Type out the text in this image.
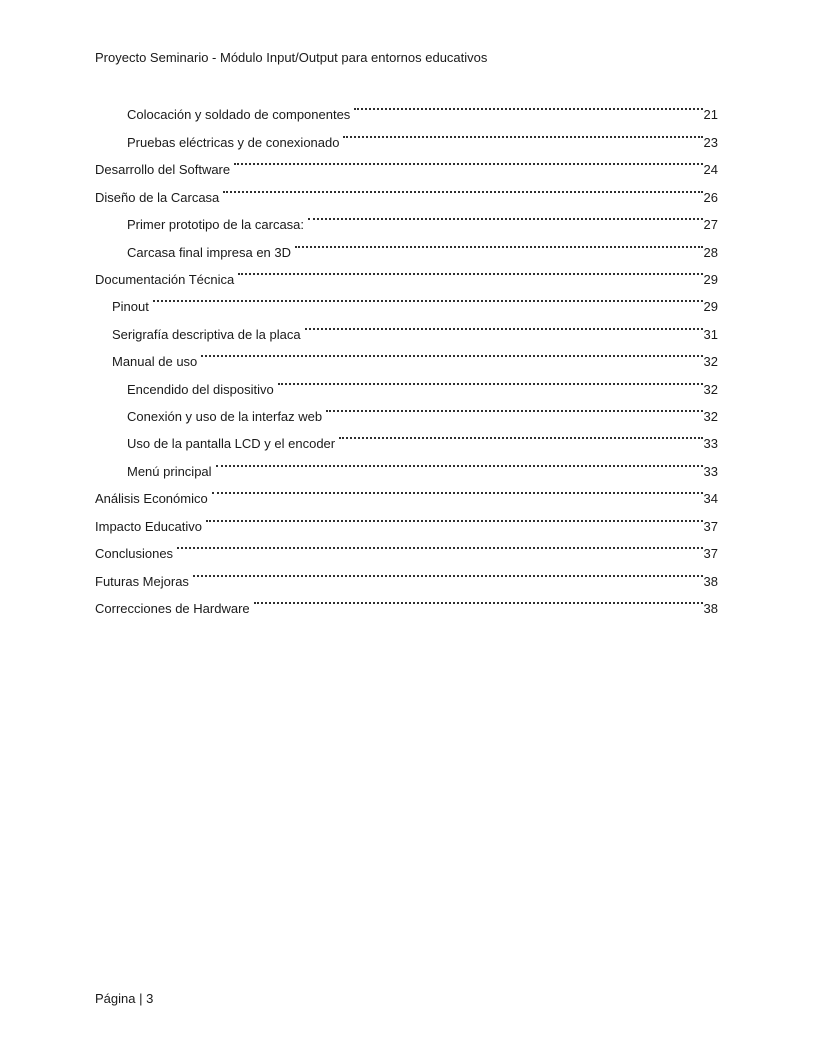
Proyecto Seminario - Módulo Input/Output para entornos educativos
Colocación y soldado de componentes	21
Pruebas eléctricas y de conexionado	23
Desarrollo del Software	24
Diseño de la Carcasa	26
Primer prototipo de la carcasa:	27
Carcasa final impresa en 3D	28
Documentación Técnica	29
Pinout	29
Serigrafía descriptiva de la placa	31
Manual de uso	32
Encendido del dispositivo	32
Conexión y uso de la interfaz web	32
Uso de la pantalla LCD y el encoder	33
Menú principal	33
Análisis Económico	34
Impacto Educativo	37
Conclusiones	37
Futuras Mejoras	38
Correcciones de Hardware	38
Página | 3
